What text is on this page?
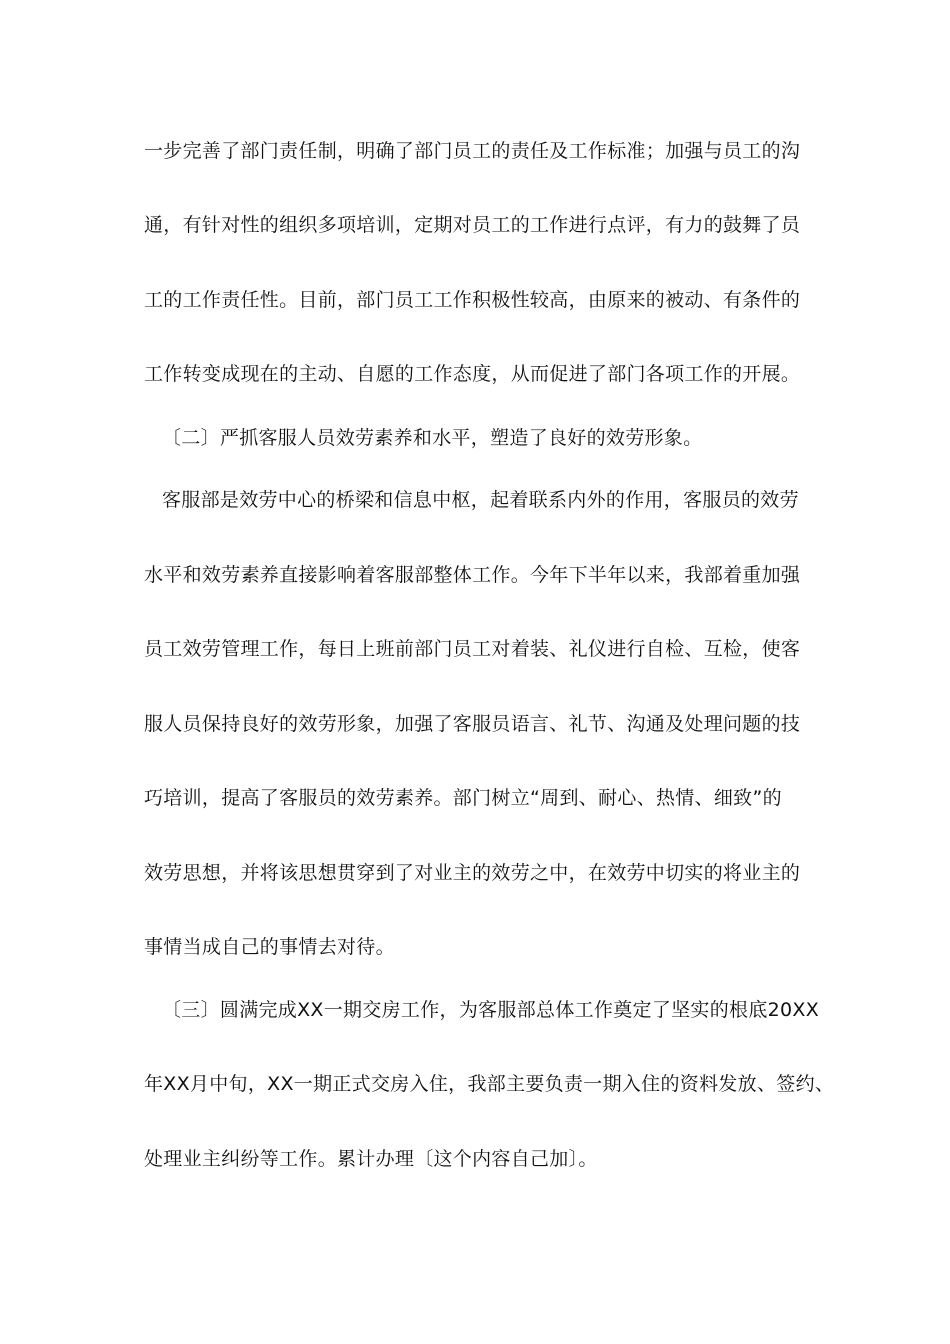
一步完善了部门责任制，明确了部门员工的责任及工作标准；加强与员工的沟
通，有针对性的组织多项培训，定期对员工的工作进行点评，有力的鼓舞了员
工的工作责任性。目前，部门员工工作积极性较高，由原来的被动、有条件的
工作转变成现在的主动、自愿的工作态度，从而促进了部门各项工作的开展。
〔二〕严抓客服人员效劳素养和水平，塑造了良好的效劳形象。
客服部是效劳中心的桥梁和信息中枢，起着联系内外的作用，客服员的效劳
水平和效劳素养直接影响着客服部整体工作。今年下半年以来，我部着重加强
员工效劳管理工作，每日上班前部门员工对着装、礼仪进行自检、互检，使客
服人员保持良好的效劳形象，加强了客服员语言、礼节、沟通及处理问题的技
巧培训，提高了客服员的效劳素养。部门树立“周到、耐心、热情、细致”的
效劳思想，并将该思想贯穿到了对业主的效劳之中，在效劳中切实的将业主的
事情当成自己的事情去对待。
〔三〕圆满完成XX一期交房工作，为客服部总体工作奠定了坚实的根底20XX
年XX月中旬，XX一期正式交房入住，我部主要负责一期入住的资料发放、签约、
处理业主纠纷等工作。累计办理〔这个内容自己加〕。
